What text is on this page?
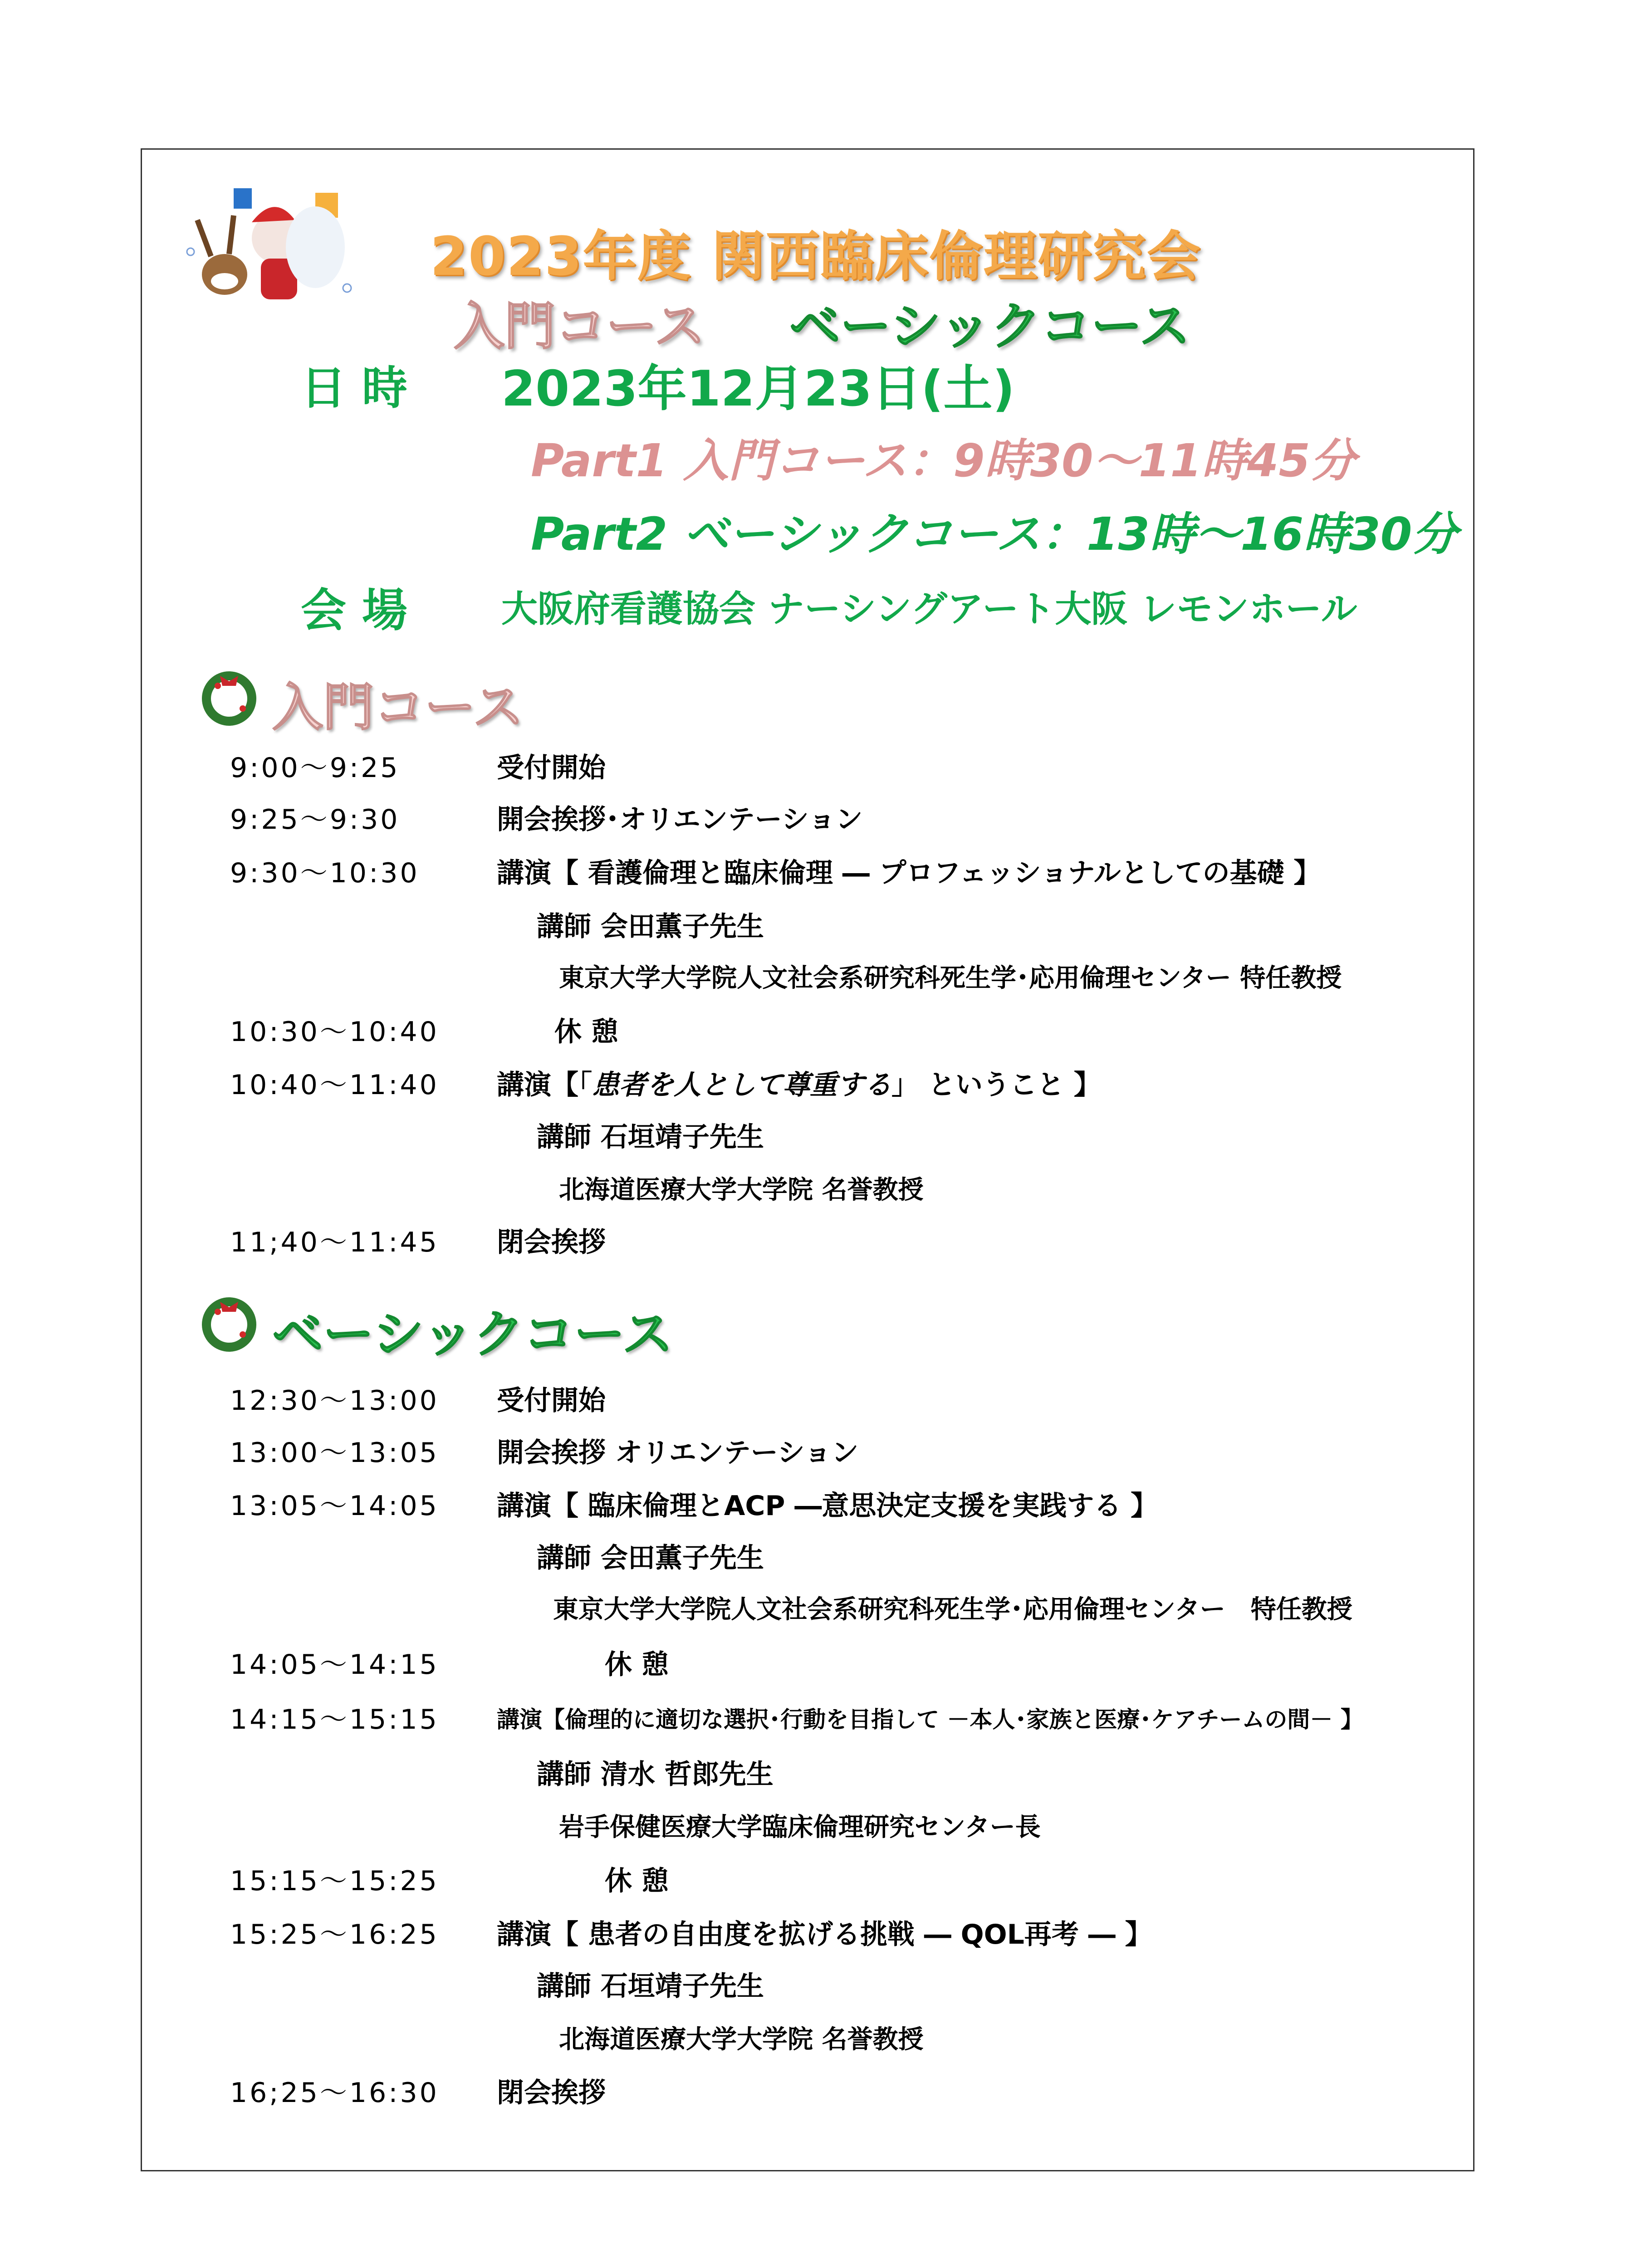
2023年度 関西臨床倫理研究会
入門コース ベーシックコース
日 時 2023年12月23日(土)
Part1 入門コース：9時30～11時45分
Part2 ベーシックコース：13時～16時30分
会 場	大阪府看護協会 ナーシングアート大阪 レモンホール
入門コース
9:00～9:25	受付開始
9:25～9:30	開会挨拶･オリエンテーション
9:30～10:30	講演【 看護倫理と臨床倫理 ― プロフェッショナルとしての基礎 】
講師 会田薫子先生
東京大学大学院人文社会系研究科死生学･応用倫理センター 特任教授
10:30～10:40	休 憩
10:40～11:40 講演【「患者を人として尊重する」 ということ 】
講師 石垣靖子先生
北海道医療大学大学院 名誉教授
11;40～11:45 閉会挨拶
ベーシックコース
12:30～13:00 受付開始
13:00～13:05 開会挨拶 オリエンテーション
13:05～14:05 講演【 臨床倫理とACP ―意思決定支援を実践する 】
講師 会田薫子先生
東京大学大学院人文社会系研究科死生学･応用倫理センター　特任教授
14:05～14:15	休 憩
14:15～15:15	講演【倫理的に適切な選択･行動を目指して －本人･家族と医療･ケアチームの間－ 】
講師 清水 哲郎先生
岩手保健医療大学臨床倫理研究センター長
15:15～15:25	休 憩
15:25～16:25 講演【 患者の自由度を拡げる挑戦 ― QOL再考 ― 】
講師 石垣靖子先生
北海道医療大学大学院 名誉教授
16;25～16:30 閉会挨拶
